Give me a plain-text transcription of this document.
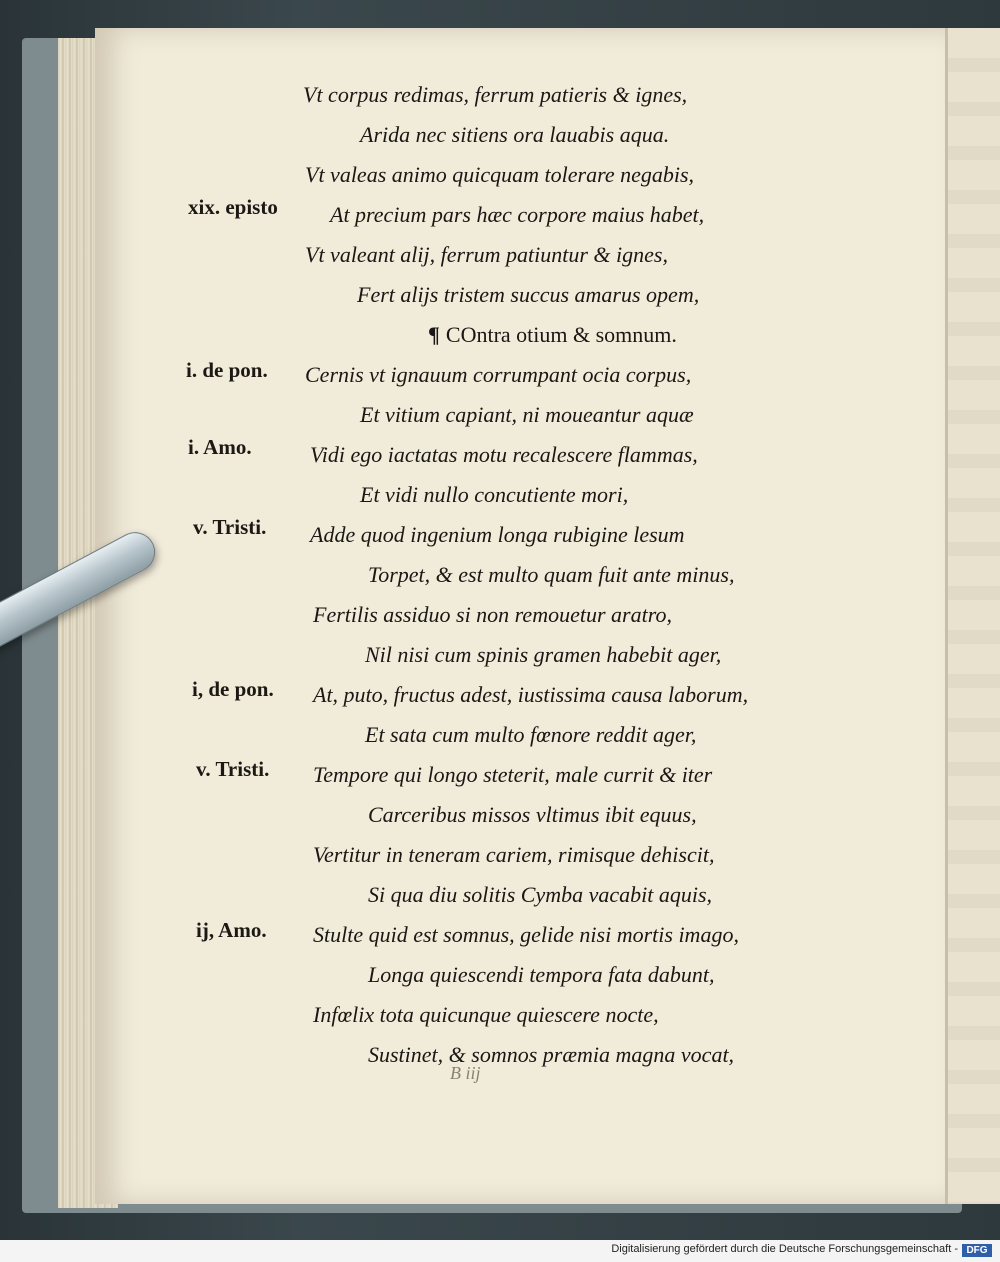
Vt corpus redimas, ferrum patieris & ignes,
Arida nec sitiens ora lauabis aqua.
Vt valeas animo quicquam tolerare negabis,
At precium pars hæc corpore maius habet,
Vt valeant alij, ferrum patiuntur & ignes,
Fert alijs tristem succus amarus opem,
¶ COntra otium & somnum.
Cernis vt ignauum corrumpant ocia corpus,
Et vitium capiant, ni moueantur aquæ
Vidi ego iactatas motu recalescere flammas,
Et vidi nullo concutiente mori,
Adde quod ingenium longa rubigine lesum
Torpet, & est multo quam fuit ante minus,
Fertilis assiduo si non remouetur aratro,
Nil nisi cum spinis gramen habebit ager,
At, puto, fructus adest, iustissima causa laborum,
Et sata cum multo fœnore reddit ager,
Tempore qui longo steterit, male currit & iter
Carceribus missos vltimus ibit equus,
Vertitur in teneram cariem, rimisque dehiscit,
Si qua diu solitis Cymba vacabit aquis,
Stulte quid est somnus, gelide nisi mortis imago,
Longa quiescendi tempora fata dabunt,
Infœlix tota quicunque quiescere nocte,
Sustinet, & somnos præmia magna vocat,
xix. episto
i. de pon.
i. Amo.
v. Tristi.
i, de pon.
v. Tristi.
ij, Amo.
B iij
Digitalisierung gefördert durch die Deutsche Forschungsgemeinschaft - DFG
